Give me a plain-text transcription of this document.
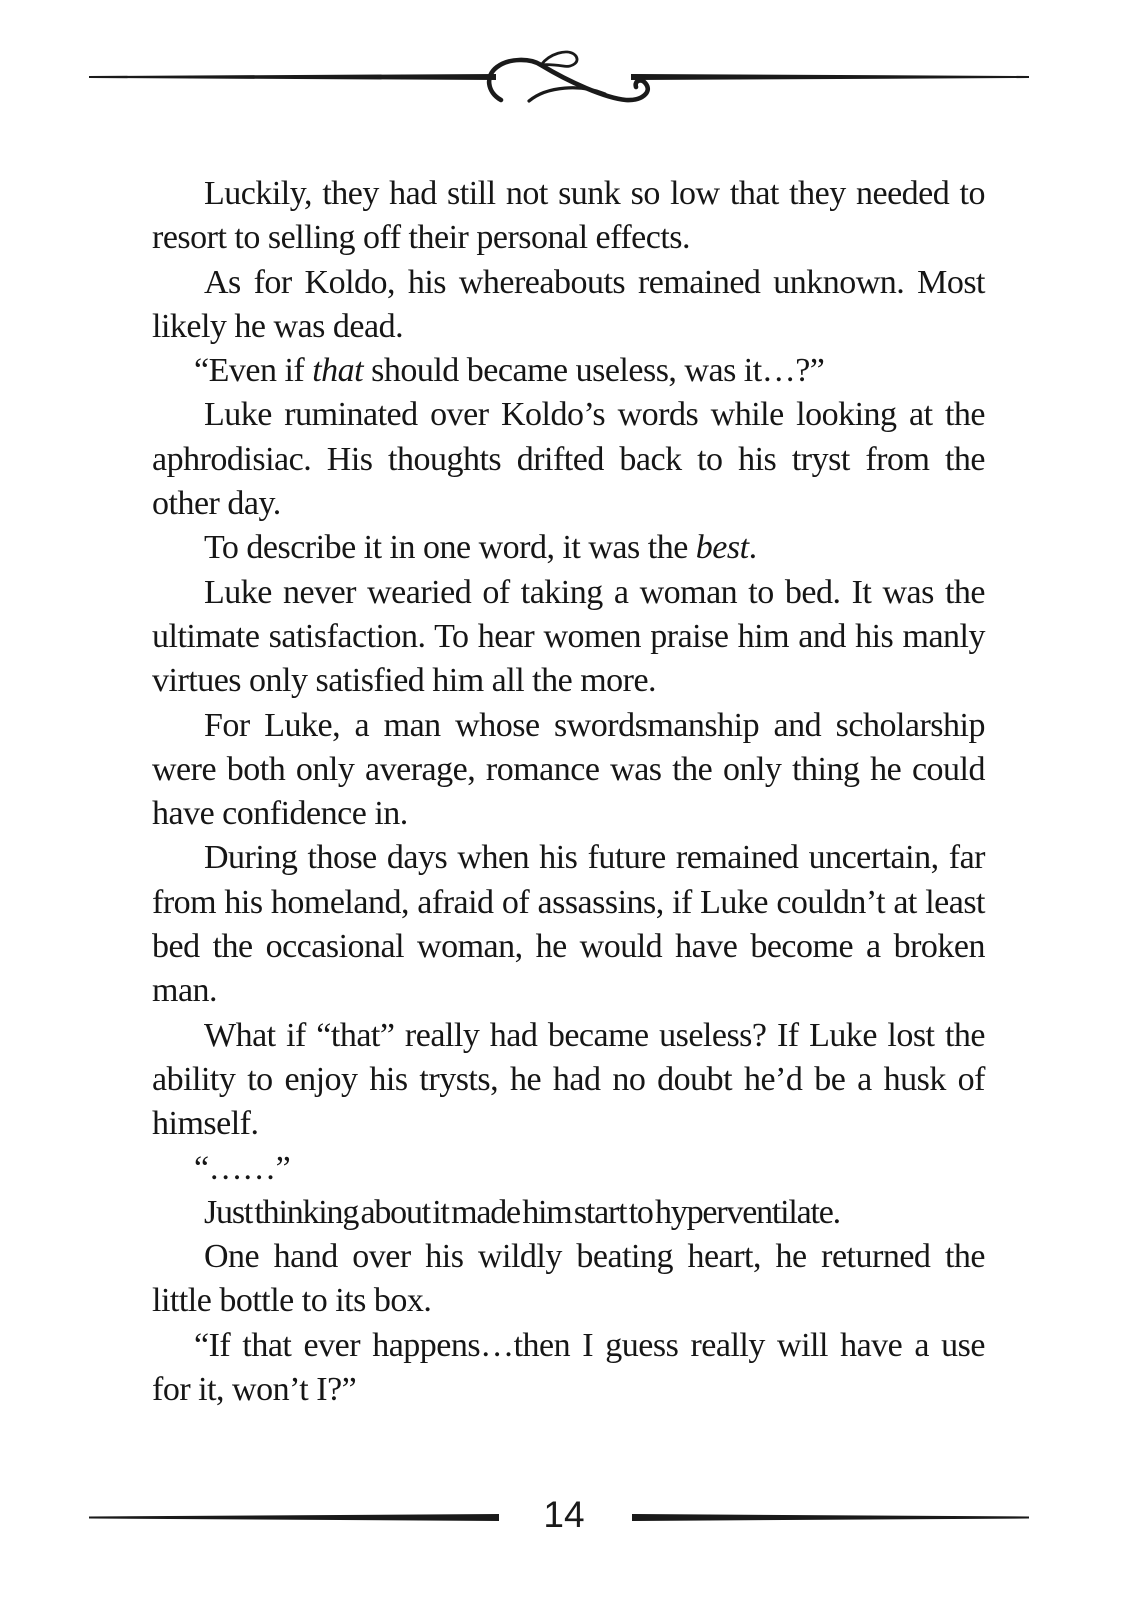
Luckily, they had still not sunk so low that they needed to resort to selling off their personal effects.

As for Koldo, his whereabouts remained unknown. Most likely he was dead.

“Even if that should became useless, was it…?”

Luke ruminated over Koldo’s words while looking at the aphrodisiac. His thoughts drifted back to his tryst from the other day.

To describe it in one word, it was the best.

Luke never wearied of taking a woman to bed. It was the ultimate satisfaction. To hear women praise him and his manly virtues only satisfied him all the more.

For Luke, a man whose swordsmanship and scholarship were both only average, romance was the only thing he could have confidence in.

During those days when his future remained uncertain, far from his homeland, afraid of assassins, if Luke couldn’t at least bed the occasional woman, he would have become a broken man.

What if “that” really had became useless? If Luke lost the ability to enjoy his trysts, he had no doubt he’d be a husk of himself.

“……”

Just thinking about it made him start to hyperventilate.

One hand over his wildly beating heart, he returned the little bottle to its box.

“If that ever happens…then I guess really will have a use for it, won’t I?”

14
